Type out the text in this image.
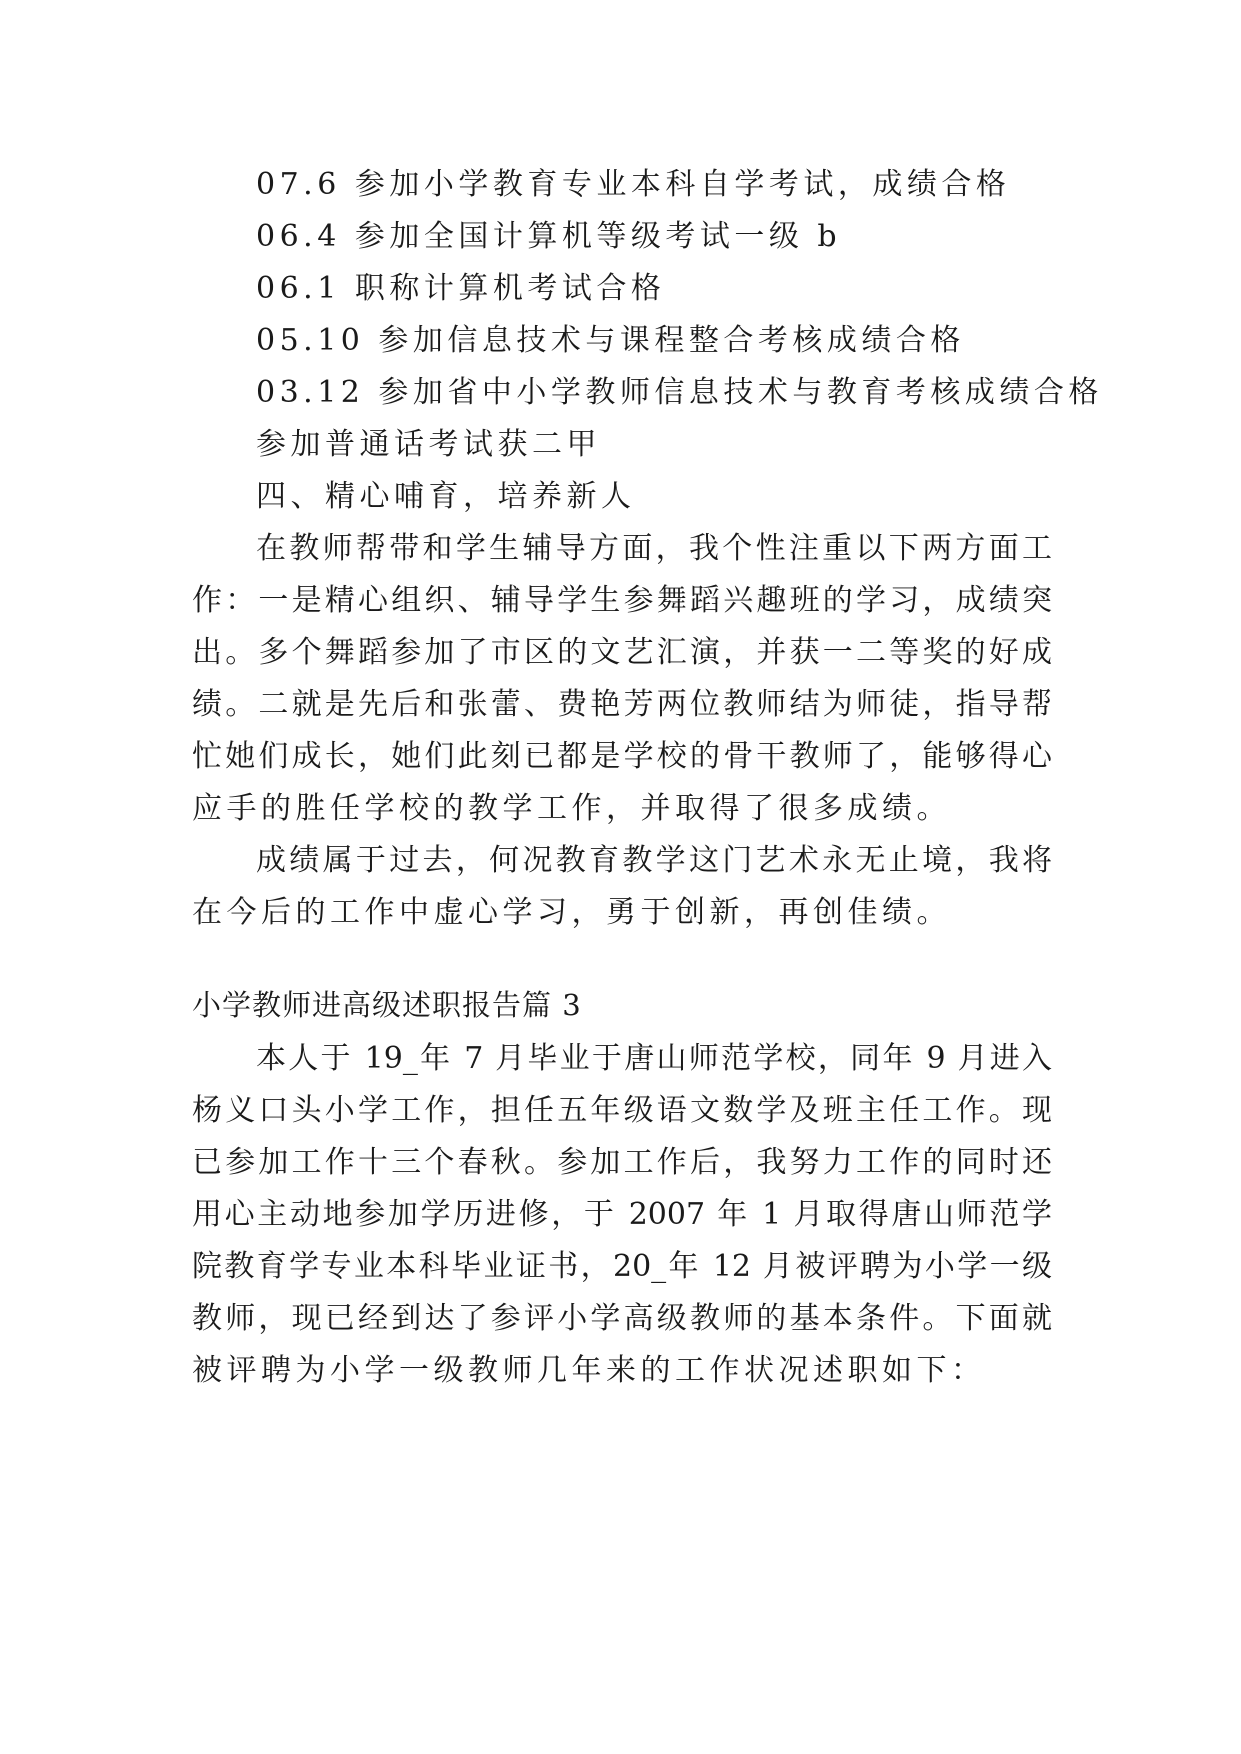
07.6 参加小学教育专业本科自学考试，成绩合格
06.4 参加全国计算机等级考试一级 b
06.1 职称计算机考试合格
05.10 参加信息技术与课程整合考核成绩合格
03.12 参加省中小学教师信息技术与教育考核成绩合格
参加普通话考试获二甲
四、精心哺育，培养新人
在教师帮带和学生辅导方面，我个性注重以下两方面工
作：一是精心组织、辅导学生参舞蹈兴趣班的学习，成绩突
出。多个舞蹈参加了市区的文艺汇演，并获一二等奖的好成
绩。二就是先后和张蕾、费艳芳两位教师结为师徒，指导帮
忙她们成长，她们此刻已都是学校的骨干教师了，能够得心
应手的胜任学校的教学工作，并取得了很多成绩。
成绩属于过去，何况教育教学这门艺术永无止境，我将
在今后的工作中虚心学习，勇于创新，再创佳绩。
小学教师进高级述职报告篇 3
本人于 19_年 7 月毕业于唐山师范学校，同年 9 月进入
杨义口头小学工作，担任五年级语文数学及班主任工作。现
已参加工作十三个春秋。参加工作后，我努力工作的同时还
用心主动地参加学历进修，于 2007 年 1 月取得唐山师范学
院教育学专业本科毕业证书，20_年 12 月被评聘为小学一级
教师，现已经到达了参评小学高级教师的基本条件。下面就
被评聘为小学一级教师几年来的工作状况述职如下：
